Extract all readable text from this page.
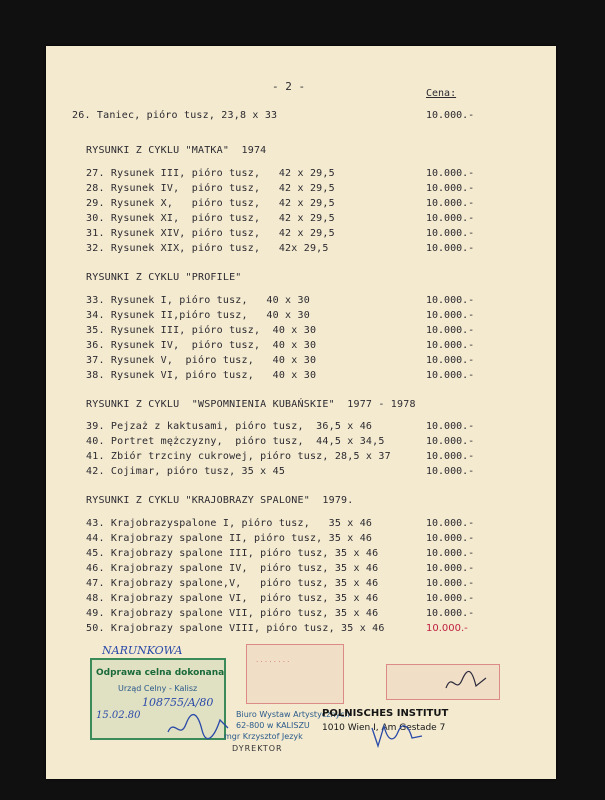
- 2 -
Cena:
26. Taniec, pióro tusz, 23,8 x 33	10.000.-
RYSUNKI Z CYKLU "MATKA"  1974
27. Rysunek III, pióro tusz,   42 x 29,5	10.000.-
28. Rysunek IV,  pióro tusz,   42 x 29,5	10.000.-
29. Rysunek X,   pióro tusz,   42 x 29,5	10.000.-
30. Rysunek XI,  pióro tusz,   42 x 29,5	10.000.-
31. Rysunek XIV, pióro tusz,   42 x 29,5	10.000.-
32. Rysunek XIX, pióro tusz,   42x 29,5	10.000.-
RYSUNKI Z CYKLU "PROFILE"
33. Rysunek I, pióro tusz,   40 x 30	10.000.-
34. Rysunek II,pióro tusz,   40 x 30	10.000.-
35. Rysunek III, pióro tusz,  40 x 30	10.000.-
36. Rysunek IV,  pióro tusz,  40 x 30	10.000.-
37. Rysunek V,  pióro tusz,   40 x 30	10.000.-
38. Rysunek VI, pióro tusz,   40 x 30	10.000.-
RYSUNKI Z CYKLU  "WSPOMNIENIA KUBAŃSKIE"  1977 - 1978
39. Pejzaż z kaktusami, pióro tusz,  36,5 x 46	10.000.-
40. Portret mężczyzny,  pióro tusz,  44,5 x 34,5	10.000.-
41. Zbiór trzciny cukrowej, pióro tusz, 28,5 x 37	10.000.-
42. Cojimar, pióro tusz, 35 x 45	10.000.-
RYSUNKI Z CYKLU "KRAJOBRAZY SPALONE"  1979.
43. Krajobrazyspalone I, pióro tusz,   35 x 46	10.000.-
44. Krajobrazy spalone II, pióro tusz, 35 x 46	10.000.-
45. Krajobrazy spalone III, pióro tusz, 35 x 46	10.000.-
46. Krajobrazy spalone IV,  pióro tusz, 35 x 46	10.000.-
47. Krajobrazy spalone,V,   pióro tusz, 35 x 46	10.000.-
48. Krajobrazy spalone VI,  pióro tusz, 35 x 46	10.000.-
49. Krajobrazy spalone VII, pióro tusz, 35 x 46	10.000.-
50. Krajobrazy spalone VIII, pióro tusz, 35 x 46	10.000.-
NARUNKOWA
Odprawa celna dokonana
Urząd Celny - Kalisz
108755/A/80
15.02.80
· · · · · · · ·
Biuro Wystaw Artystycznych
62-800 w KALISZU
mgr Krzysztof Jezyk
DYREKTOR
POLNISCHES INSTITUT
1010 Wien I, Am Gestade 7
